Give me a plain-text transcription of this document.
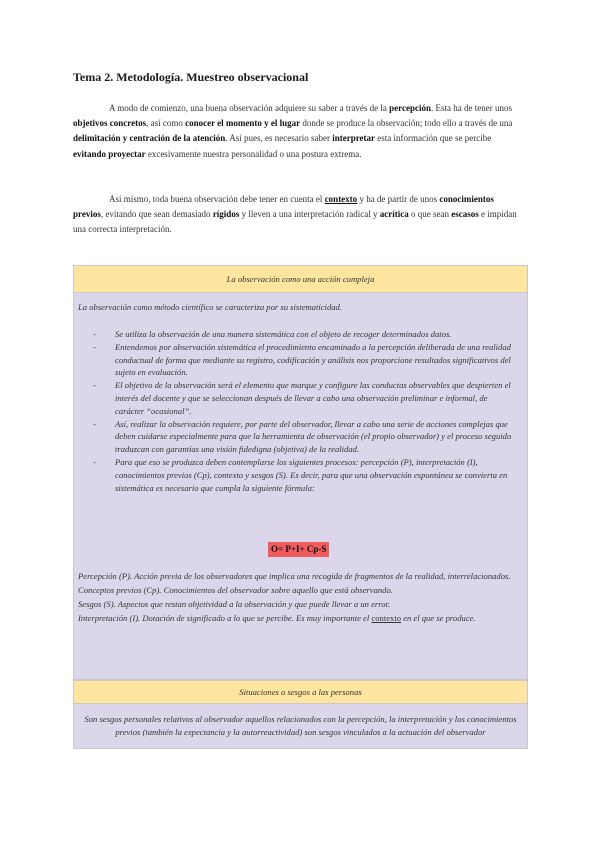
Tema 2. Metodología. Muestreo observacional
A modo de comienzo, una buena observación adquiere su saber a través de la percepción. Esta ha de tener unos objetivos concretos, así como conocer el momento y el lugar donde se produce la observación; todo ello a través de una delimitación y centración de la atención. Así pues, es necesario saber interpretar esta información que se percibe evitando proyectar excesivamente nuestra personalidad o una postura extrema.
Así mismo, toda buena observación debe tener en cuenta el contexto y ha de partir de unos conocimientos previos, evitando que sean demasiado rígidos y lleven a una interpretación radical y acrítica o que sean escasos e impidan una correcta interpretación.
La observación como una acción compleja

La observación como método científico se caracteriza por su sistematicidad.
- Se utiliza la observación de una manera sistemática con el objeto de recoger determinados datos.
- Entendemos por observación sistemática el procedimiento encaminado a la percepción deliberada de una realidad conductual de forma que mediante su registro, codificación y análisis nos proporcione resultados significativos del sujeto en evaluación.
- El objetivo de la observación será el elemento que marque y configure las conductas observables que despierten el interés del docente y que se seleccionan después de llevar a cabo una observación preliminar e informal, de carácter “ocasional”.
- Así, realizar la observación requiere, por parte del observador, llevar a cabo una serie de acciones complejas que deben cuidarse especialmente para que la herramienta de observación (el propio observador) y el proceso seguido traduzcan con garantías una visión fidedigna (objetiva) de la realidad.
- Para que eso se produzca deben contemplarse los siguientes procesos: percepción (P), interpretación (I), conocimientos previos (Cp), contexto y sesgos (S). Es decir, para que una observación espontánea se convierta en sistemática es necesario que cumpla la siguiente fórmula:
O= P+I+ Cp-S
Percepción (P). Acción previa de los observadores que implica una recogida de fragmentos de la realidad, interrelacionados.
Conceptos previos (Cp). Conocimientos del observador sobre aquello que está observando.
Sesgos (S). Aspectos que restan objetividad a la observación y que puede llevar a un error.
Interpretación (I). Dotación de significado a lo que se percibe. Es muy importante el contexto en el que se produce.
Situaciones o sesgos a las personas
Son sesgos personales relativos al observador aquellos relacionados con la percepción, la interpretación y los conocimientos previos (también la expectancia y la autorreactividad) son sesgos vinculados a la actuación del observador
